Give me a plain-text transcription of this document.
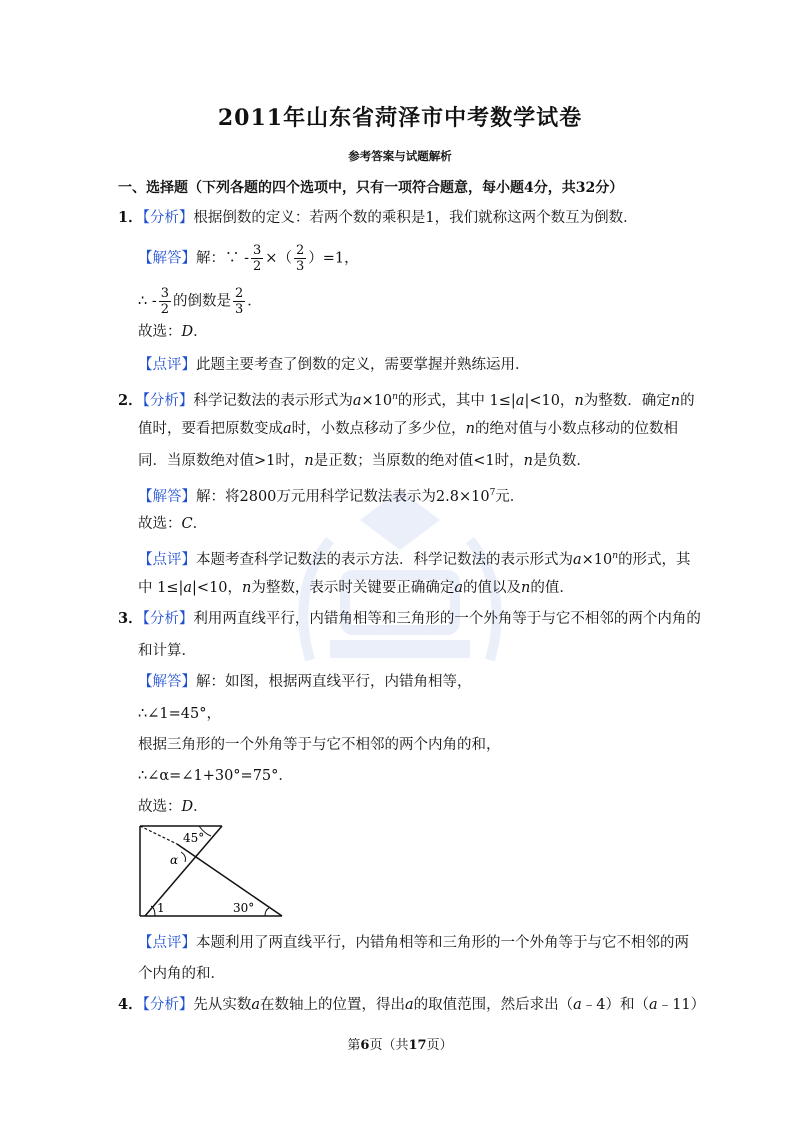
2011年山东省菏泽市中考数学试卷
参考答案与试题解析
一、选择题（下列各题的四个选项中，只有一项符合题意，每小题4分，共32分）
1．【分析】根据倒数的定义：若两个数的乘积是1，我们就称这两个数互为倒数．
【解答】解：∵ - $\frac{3}{2}$ ×（ $\frac{2}{3} )=1$，
∴ - $\frac{3}{2}$ 的倒数是 $\frac{2}{3}$ ．
故选：D．
【点评】此题主要考查了倒数的定义，需要掌握并熟练运用．
2．【分析】科学记数法的表示形式为$a\times 10^n$的形式，其中 1≤|a|<10，n为整数．确定n的
值时，要看把原数变成a时，小数点移动了多少位，n的绝对值与小数点移动的位数相
同．当原数绝对值>1时，n是正数；当原数的绝对值<1时，n是负数．
【解答】解：将2800万元用科学记数法表示为$2.8\times 10^7$元．
故选：C．
【点评】本题考查科学记数法的表示方法．科学记数法的表示形式为$a\times 10^n$的形式，其
中 1≤|a|<10，n为整数，表示时关键要正确确定a的值以及n的值．
3．【分析】利用两直线平行，内错角相等和三角形的一个外角等于与它不相邻的两个内角的
和计算．
【解答】解：如图，根据两直线平行，内错角相等，
∴∠1=45°，
根据三角形的一个外角等于与它不相邻的两个内角的和，
∴∠α=∠1+30°=75°．
故选：D．
45°
α
1	30°
【点评】本题利用了两直线平行，内错角相等和三角形的一个外角等于与它不相邻的两
个内角的和．
4．【分析】先从实数a在数轴上的位置，得出a的取值范围，然后求出（a﹣4）和（a﹣11）
第6页（共17页）
